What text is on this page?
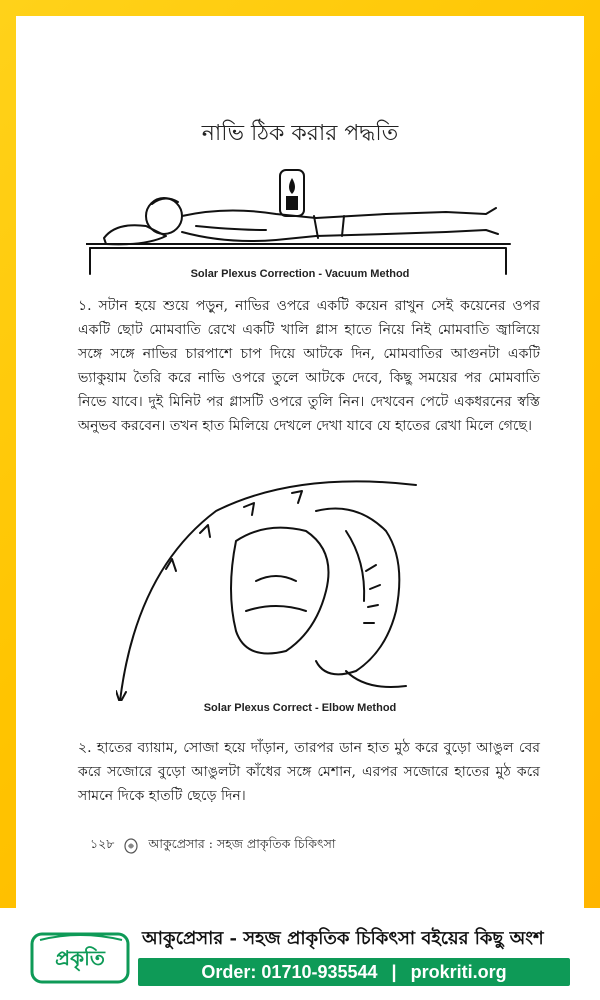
নাভি ঠিক করার পদ্ধতি
Solar Plexus Correction - Vacuum Method

১. সটান হয়ে শুয়ে পড়ুন, নাভির ওপরে একটি কয়েন রাখুন সেই কয়েনের ওপর একটি ছোট মোমবাতি রেখে একটি খালি গ্লাস হাতে নিয়ে নিই মোমবাতি জ্বালিয়ে সঙ্গে সঙ্গে নাভির চারপাশে চাপ দিয়ে আটকে দিন, মোমবাতির আগুনটা একটি ভ্যাকুয়াম তৈরি করে নাভি ওপরে তুলে আটকে দেবে, কিছু সময়ের পর মোমবাতি নিভে যাবে। দুই মিনিট পর গ্লাসটি ওপরে তুলি নিন। দেখবেন পেটে একধরনের স্বস্তি অনুভব করবেন। তখন হাত মিলিয়ে দেখলে দেখা যাবে যে হাতের রেখা মিলে গেছে।

Solar Plexus Correct - Elbow Method

২. হাতের ব্যায়াম, সোজা হয়ে দাঁড়ান, তারপর ডান হাত মুঠ করে বুড়ো আঙুল বের করে সজোরে বুড়ো আঙুলটা কাঁধের সঙ্গে মেশান, এরপর সজোরে হাতের মুঠ করে সামনে দিকে হাতটি ছেড়ে দিন।

১২৮	আকুপ্রেসার : সহজ প্রাকৃতিক চিকিৎসা
প্রকৃতি
আকুপ্রেসার - সহজ প্রাকৃতিক চিকিৎসা বইয়ের কিছু অংশ
Order: 01710-935544 | prokriti.org
